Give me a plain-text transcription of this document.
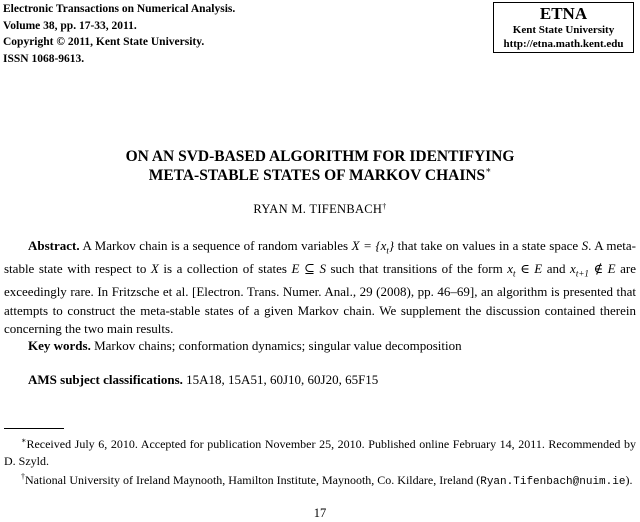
Electronic Transactions on Numerical Analysis.
Volume 38, pp. 17-33, 2011.
Copyright © 2011, Kent State University.
ISSN 1068-9613.
ETNA
Kent State University
http://etna.math.kent.edu
ON AN SVD-BASED ALGORITHM FOR IDENTIFYING
META-STABLE STATES OF MARKOV CHAINS∗
RYAN M. TIFENBACH†
Abstract. A Markov chain is a sequence of random variables $X = \{x_t\}$ that take on values in a state space S. A meta-stable state with respect to X is a collection of states E ⊆ S such that transitions of the form $x_t$ ∈ E and $x_{t+1}$ ∉ E are exceedingly rare. In Fritzsche et al. [Electron. Trans. Numer. Anal., 29 (2008), pp. 46–69], an algorithm is presented that attempts to construct the meta-stable states of a given Markov chain. We supplement the discussion contained therein concerning the two main results.
Key words. Markov chains; conformation dynamics; singular value decomposition
AMS subject classifications. 15A18, 15A51, 60J10, 60J20, 65F15
∗Received July 6, 2010. Accepted for publication November 25, 2010. Published online February 14, 2011. Recommended by D. Szyld.
†National University of Ireland Maynooth, Hamilton Institute, Maynooth, Co. Kildare, Ireland (Ryan.Tifenbach@nuim.ie).
17
